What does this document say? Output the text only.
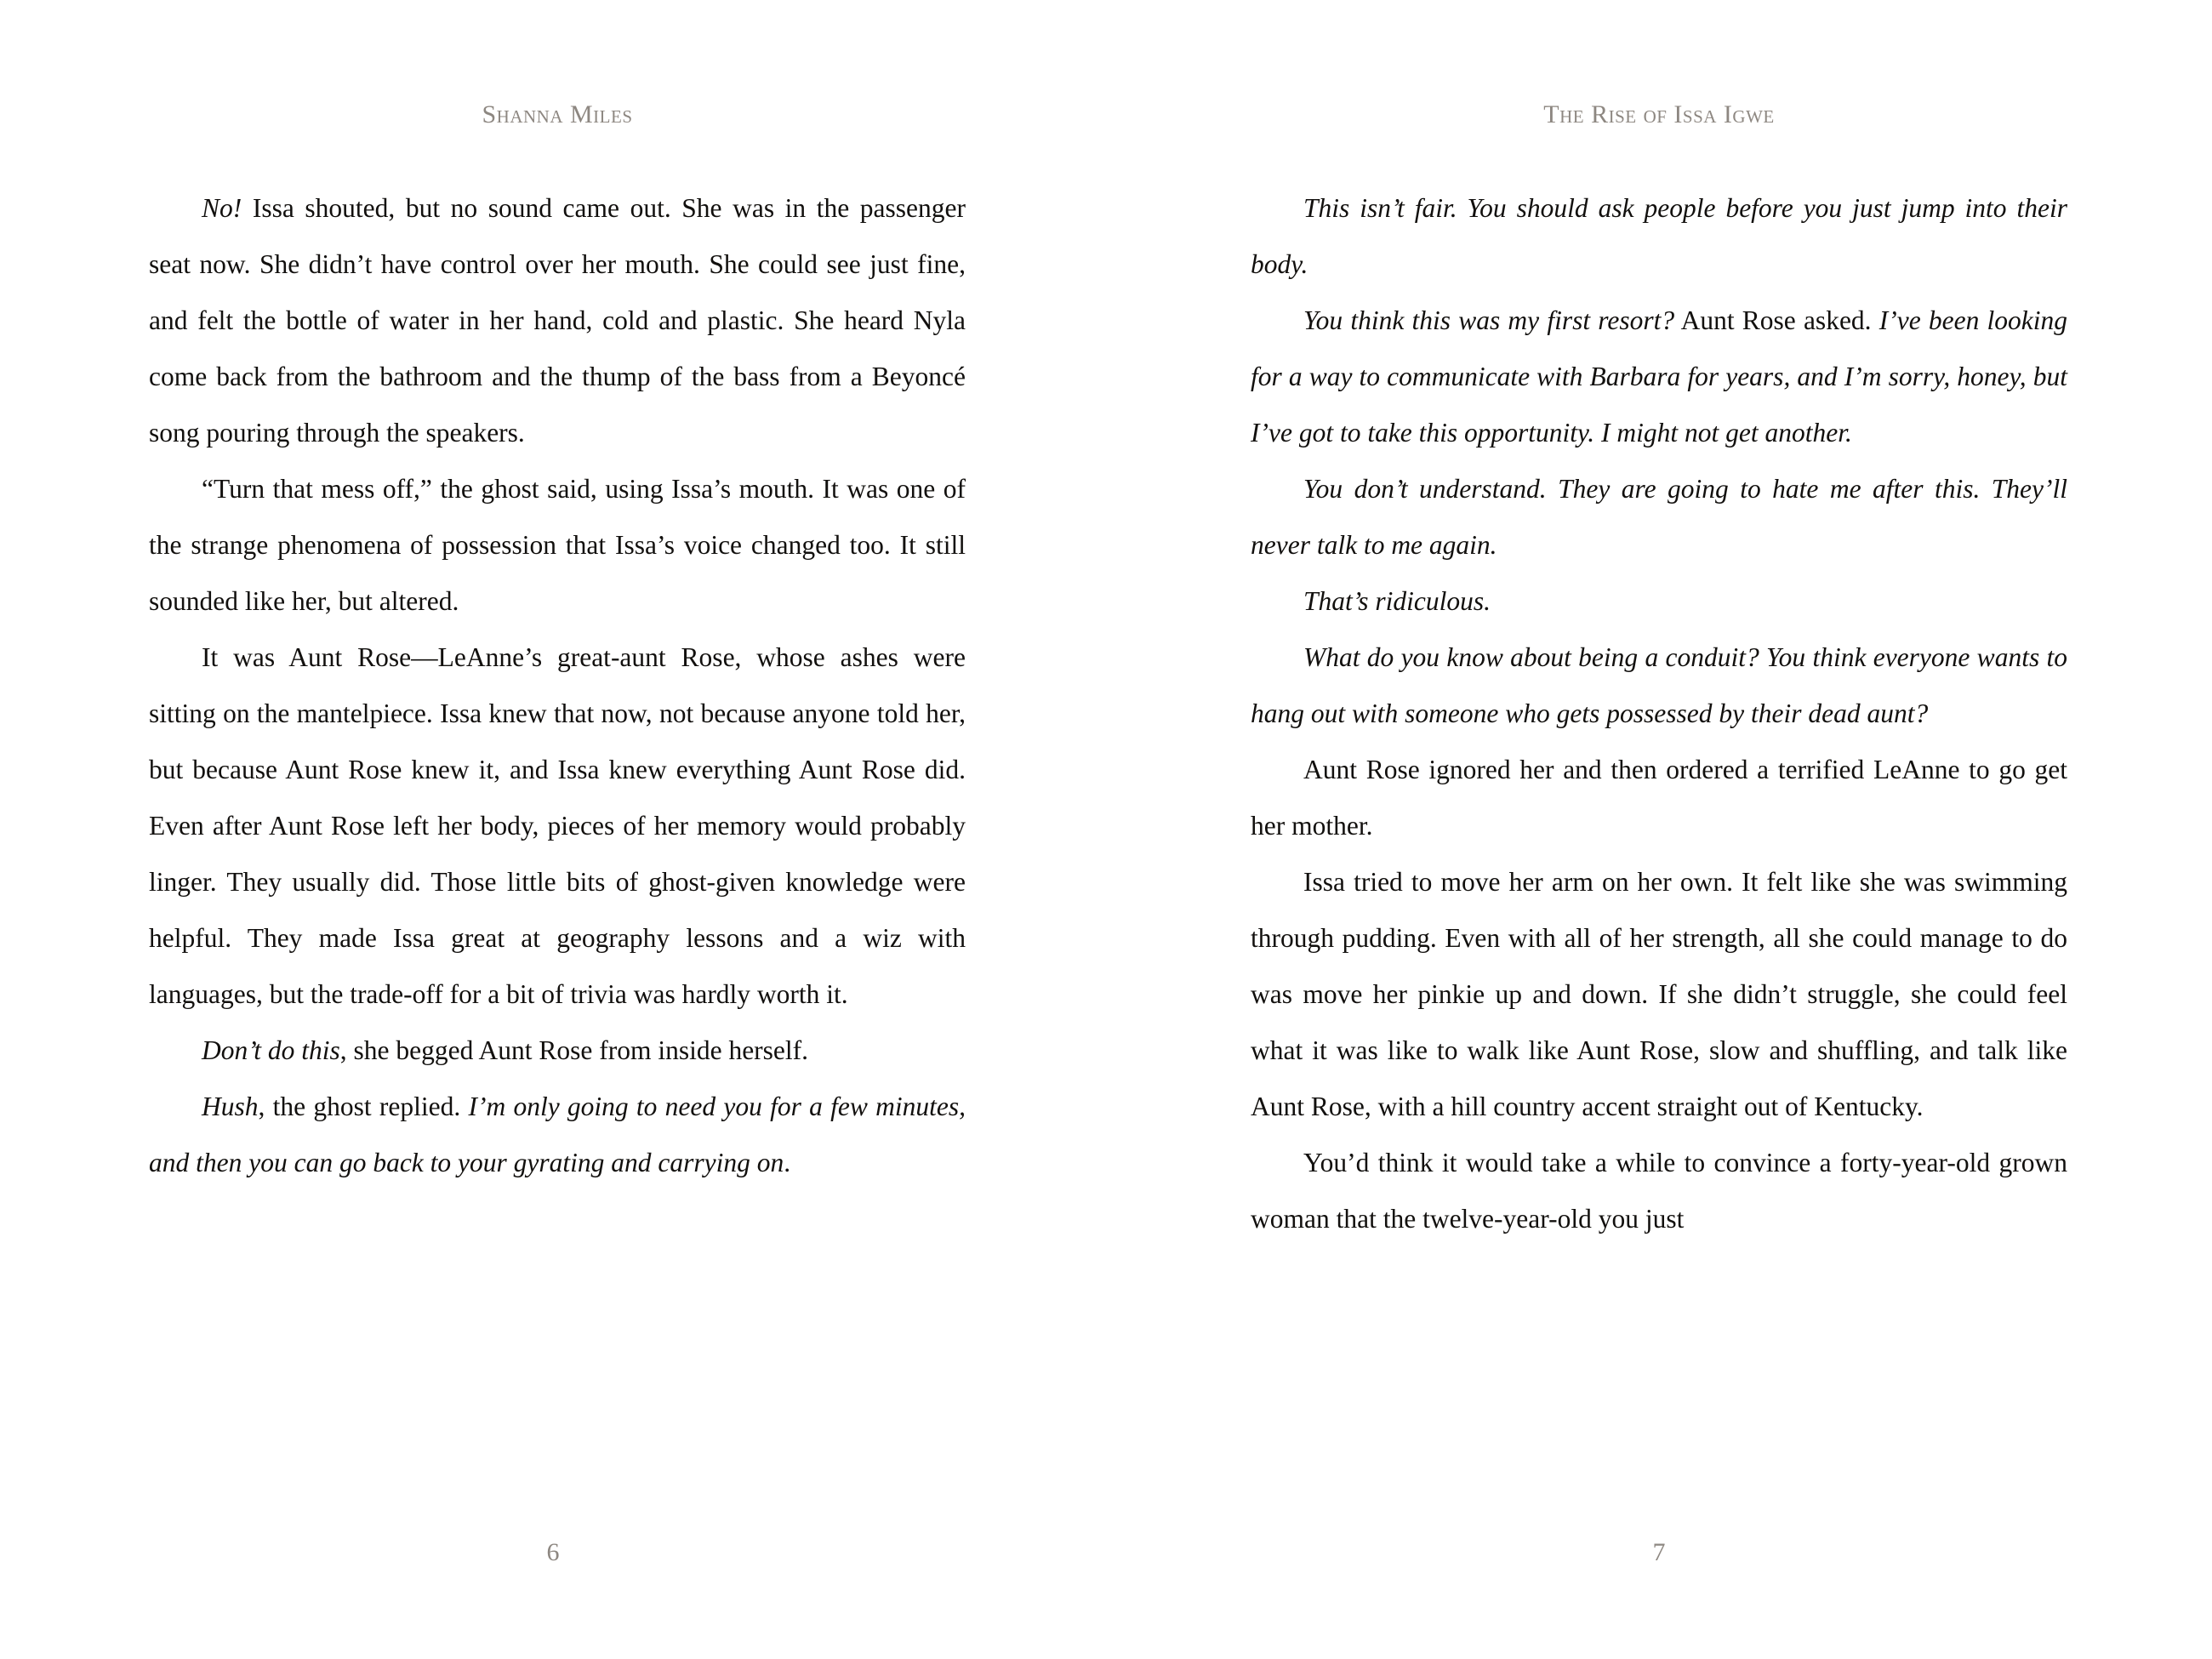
Shanna Miles

No! Issa shouted, but no sound came out. She was in the passenger seat now. She didn’t have control over her mouth. She could see just fine, and felt the bottle of water in her hand, cold and plastic. She heard Nyla come back from the bathroom and the thump of the bass from a Beyoncé song pouring through the speakers.

“Turn that mess off,” the ghost said, using Issa’s mouth. It was one of the strange phenomena of possession that Issa’s voice changed too. It still sounded like her, but altered.

It was Aunt Rose—LeAnne’s great-aunt Rose, whose ashes were sitting on the mantelpiece. Issa knew that now, not because anyone told her, but because Aunt Rose knew it, and Issa knew everything Aunt Rose did. Even after Aunt Rose left her body, pieces of her memory would probably linger. They usually did. Those little bits of ghost-given knowledge were helpful. They made Issa great at geography lessons and a wiz with languages, but the trade-off for a bit of trivia was hardly worth it.

Don’t do this, she begged Aunt Rose from inside herself.

Hush, the ghost replied. I’m only going to need you for a few minutes, and then you can go back to your gyrating and carrying on.

6
The Rise of Issa Igwe

This isn’t fair. You should ask people before you just jump into their body.

You think this was my first resort? Aunt Rose asked. I’ve been looking for a way to communicate with Barbara for years, and I’m sorry, honey, but I’ve got to take this opportunity. I might not get another.

You don’t understand. They are going to hate me after this. They’ll never talk to me again.

That’s ridiculous.

What do you know about being a conduit? You think everyone wants to hang out with someone who gets possessed by their dead aunt?

Aunt Rose ignored her and then ordered a terrified LeAnne to go get her mother.

Issa tried to move her arm on her own. It felt like she was swimming through pudding. Even with all of her strength, all she could manage to do was move her pinkie up and down. If she didn’t struggle, she could feel what it was like to walk like Aunt Rose, slow and shuffling, and talk like Aunt Rose, with a hill country accent straight out of Kentucky.

You’d think it would take a while to convince a forty-year-old grown woman that the twelve-year-old you just

7
